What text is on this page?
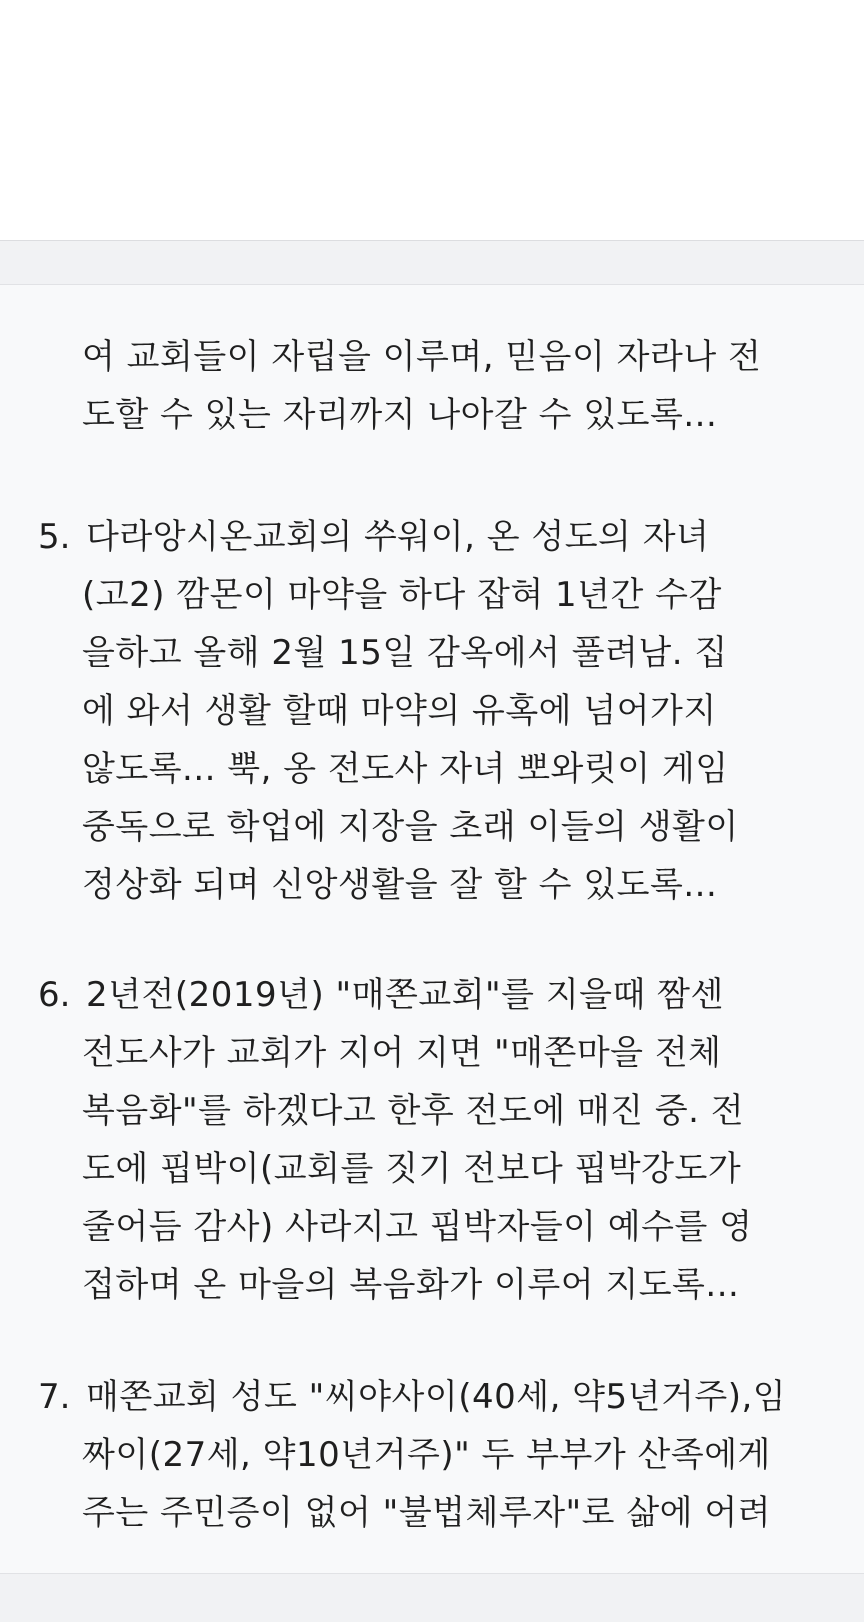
여 교회들이 자립을 이루며, 믿음이 자라나 전
도할 수 있는 자리까지 나아갈 수 있도록...
5. 다라앙시온교회의 쑤워이, 온 성도의 자녀
(고2) 깜몬이 마약을 하다 잡혀 1년간 수감
을하고 올해 2월 15일 감옥에서 풀려남. 집
에 와서 생활 할때 마약의 유혹에 넘어가지
않도록... 뿍, 옹 전도사 자녀 뽀와릿이 게임
중독으로 학업에 지장을 초래 이들의 생활이
정상화 되며 신앙생활을 잘 할 수 있도록...
6. 2년전(2019년) "매쫀교회"를 지을때 짬센
전도사가 교회가 지어 지면 "매쫀마을 전체
복음화"를 하겠다고 한후 전도에 매진 중. 전
도에 핍박이(교회를 짓기 전보다 핍박강도가
줄어듬 감사) 사라지고 핍박자들이 예수를 영
접하며 온 마을의 복음화가 이루어 지도록...
7. 매쫀교회 성도 "씨야사이(40세, 약5년거주),임
짜이(27세, 약10년거주)" 두 부부가 산족에게
주는 주민증이 없어 "불법체루자"로 삶에 어려
